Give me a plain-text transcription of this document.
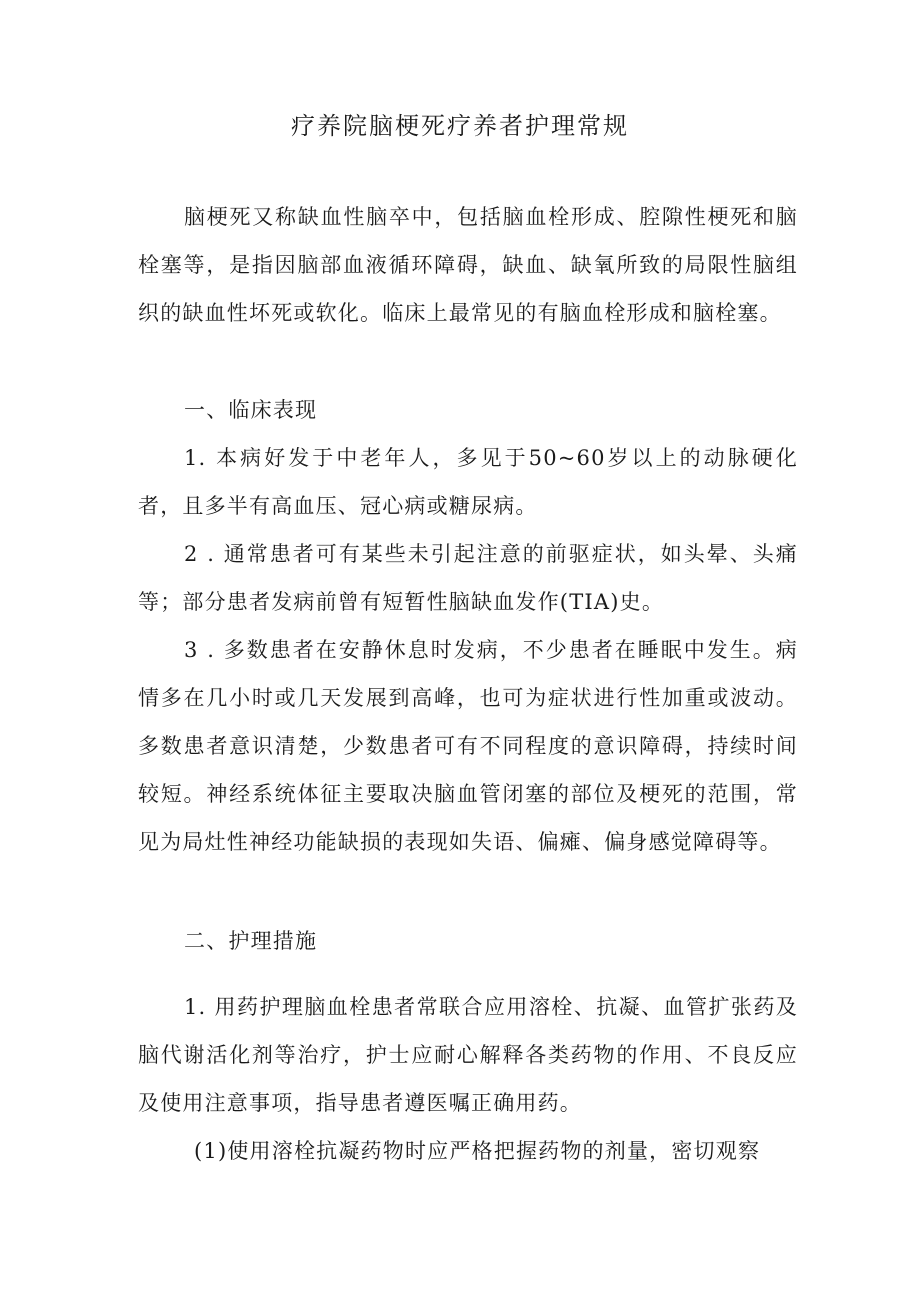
疗养院脑梗死疗养者护理常规
脑梗死又称缺血性脑卒中，包括脑血栓形成、腔隙性梗死和脑栓塞等，是指因脑部血液循环障碍，缺血、缺氧所致的局限性脑组织的缺血性坏死或软化。临床上最常见的有脑血栓形成和脑栓塞。
一、临床表现
1. 本病好发于中老年人，多见于50~60岁以上的动脉硬化者，且多半有高血压、冠心病或糖尿病。
2 . 通常患者可有某些未引起注意的前驱症状，如头晕、头痛等；部分患者发病前曾有短暂性脑缺血发作(TIA)史。
3 . 多数患者在安静休息时发病，不少患者在睡眠中发生。病情多在几小时或几天发展到高峰，也可为症状进行性加重或波动。多数患者意识清楚，少数患者可有不同程度的意识障碍，持续时间较短。神经系统体征主要取决脑血管闭塞的部位及梗死的范围，常见为局灶性神经功能缺损的表现如失语、偏瘫、偏身感觉障碍等。
二、护理措施
1. 用药护理脑血栓患者常联合应用溶栓、抗凝、血管扩张药及脑代谢活化剂等治疗，护士应耐心解释各类药物的作用、不良反应及使用注意事项，指导患者遵医嘱正确用药。
(1)使用溶栓抗凝药物时应严格把握药物的剂量，密切观察
